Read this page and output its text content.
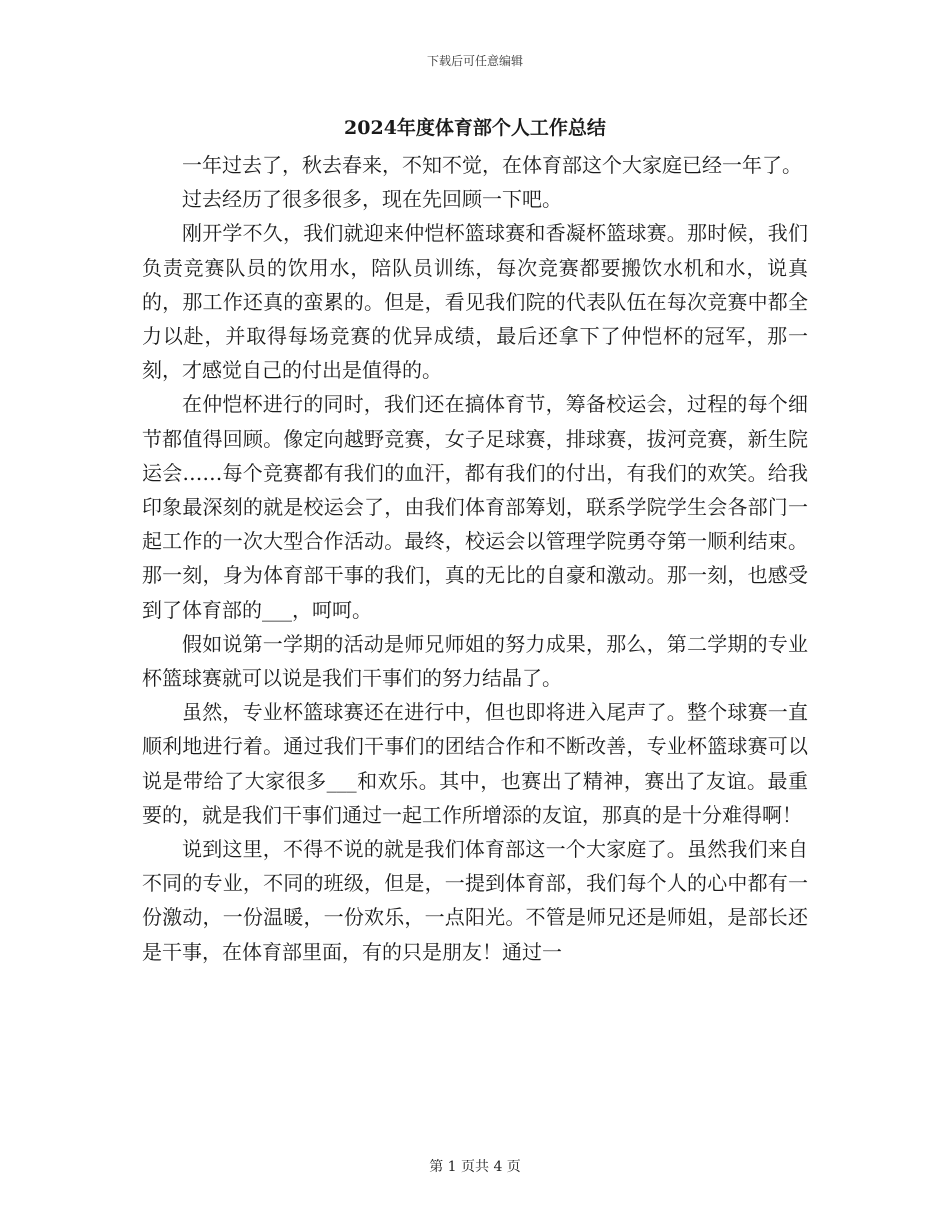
下载后可任意编辑
2024年度体育部个人工作总结

一年过去了，秋去春来，不知不觉，在体育部这个大家庭已经一年了。

过去经历了很多很多，现在先回顾一下吧。

刚开学不久，我们就迎来仲恺杯篮球赛和香凝杯篮球赛。那时候，我们负责竞赛队员的饮用水，陪队员训练，每次竞赛都要搬饮水机和水，说真的，那工作还真的蛮累的。但是，看见我们院的代表队伍在每次竞赛中都全力以赴，并取得每场竞赛的优异成绩，最后还拿下了仲恺杯的冠军，那一刻，才感觉自己的付出是值得的。

在仲恺杯进行的同时，我们还在搞体育节，筹备校运会，过程的每个细节都值得回顾。像定向越野竞赛，女子足球赛，排球赛，拔河竞赛，新生院运会……每个竞赛都有我们的血汗，都有我们的付出，有我们的欢笑。给我印象最深刻的就是校运会了，由我们体育部筹划，联系学院学生会各部门一起工作的一次大型合作活动。最终，校运会以管理学院勇夺第一顺利结束。那一刻，身为体育部干事的我们，真的无比的自豪和激动。那一刻，也感受到了体育部的___，呵呵。

假如说第一学期的活动是师兄师姐的努力成果，那么，第二学期的专业杯篮球赛就可以说是我们干事们的努力结晶了。

虽然，专业杯篮球赛还在进行中，但也即将进入尾声了。整个球赛一直顺利地进行着。通过我们干事们的团结合作和不断改善，专业杯篮球赛可以说是带给了大家很多___和欢乐。其中，也赛出了精神，赛出了友谊。最重要的，就是我们干事们通过一起工作所增添的友谊，那真的是十分难得啊！

说到这里，不得不说的就是我们体育部这一个大家庭了。虽然我们来自不同的专业，不同的班级，但是，一提到体育部，我们每个人的心中都有一份激动，一份温暖，一份欢乐，一点阳光。不管是师兄还是师姐，是部长还是干事，在体育部里面，有的只是朋友！通过一

第 1 页共 4 页
